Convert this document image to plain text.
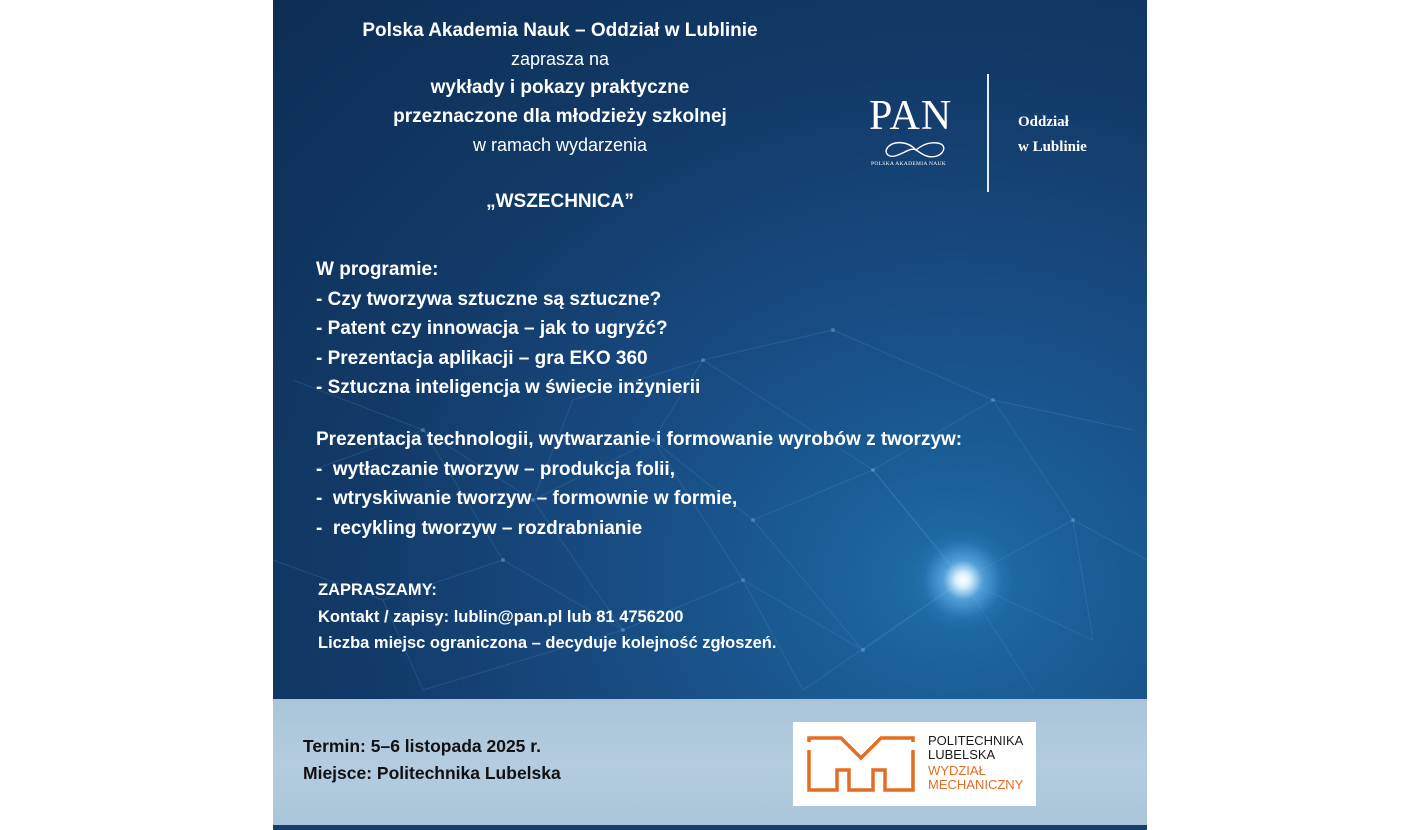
Polska Akademia Nauk – Oddział w Lublinie
zaprasza na
wykłady i pokazy praktyczne
przeznaczone dla młodzieży szkolnej
w ramach wydarzenia
„WSZECHNICA”
W programie:
- Czy tworzywa sztuczne są sztuczne?
- Patent czy innowacja – jak to ugryźć?
- Prezentacja aplikacji – gra EKO 360
- Sztuczna inteligencja w świecie inżynierii
Prezentacja technologii, wytwarzanie i formowanie wyrobów z tworzyw:
-  wytłaczanie tworzyw – produkcja folii,
-  wtryskiwanie tworzyw – formownie w formie,
-  recykling tworzyw – rozdrabnianie
ZAPRASZAMY:
Kontakt / zapisy: lublin@pan.pl lub 81 4756200
Liczba miejsc ograniczona – decyduje kolejność zgłoszeń.
PAN
POLSKA AKADEMIA NAUK
Oddział
w Lublinie
Termin: 5–6 listopada 2025 r.
Miejsce: Politechnika Lubelska
POLITECHNIKA
LUBELSKA
WYDZIAŁ
MECHANICZNY
